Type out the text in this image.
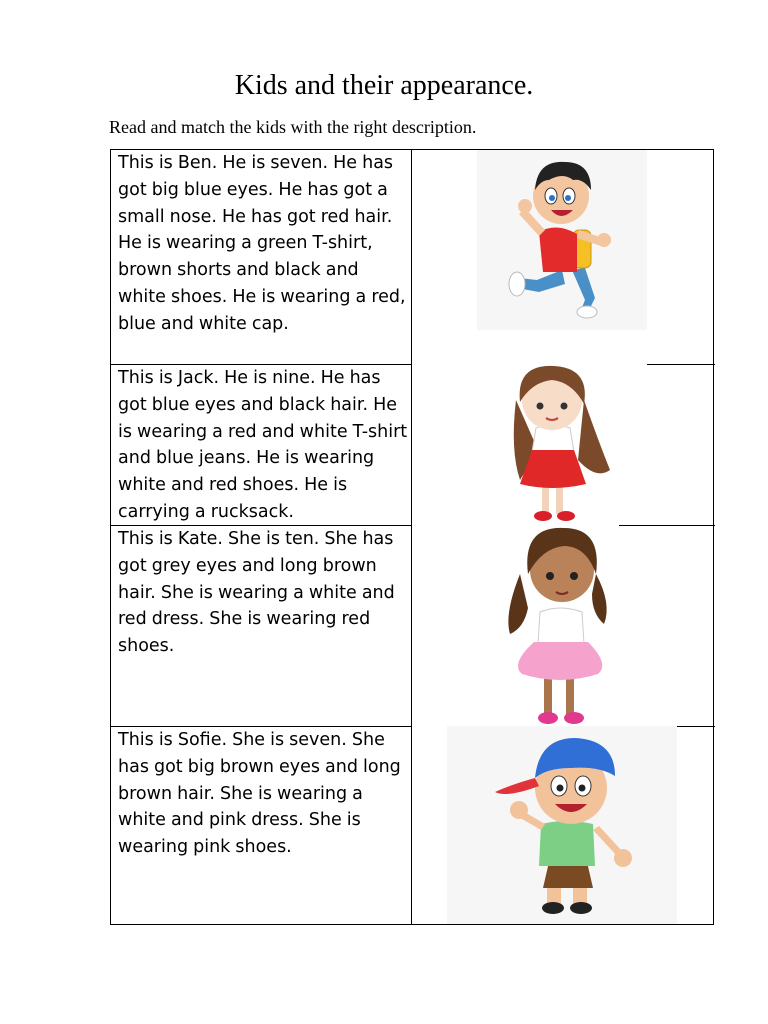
Kids and their appearance.
Read and match the kids with the right description.
This is Ben. He is seven. He has got big blue eyes. He has got a small nose. He has got red hair. He is wearing a green T-shirt, brown shorts and black and white shoes. He is wearing a red, blue and white cap.
This is Jack. He is nine. He has got blue eyes and black hair. He is wearing a red and white T-shirt and blue jeans. He is wearing white and red shoes. He is carrying a rucksack.
This is Kate. She is ten. She has got grey eyes and long brown hair. She is wearing a white and red dress. She is wearing red shoes.
This is Sofie. She is seven. She has got big brown eyes and long brown hair. She is wearing a white and pink dress. She is wearing pink shoes.
